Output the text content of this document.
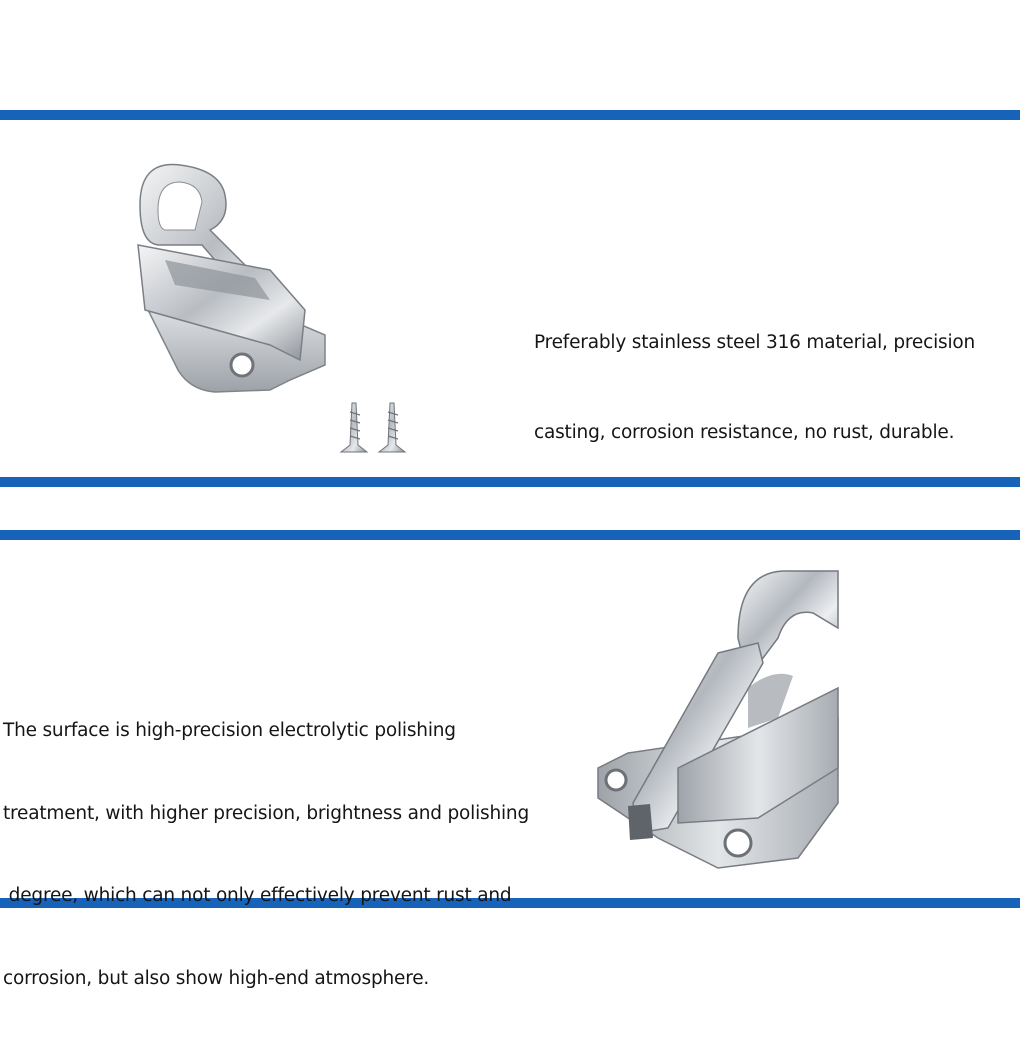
Preferably stainless steel 316 material, precision

casting, corrosion resistance, no rust, durable.

The surface is high-precision electrolytic polishing

treatment, with higher precision, brightness and polishing

degree, which can not only effectively prevent rust and

corrosion, but also show high-end atmosphere.
